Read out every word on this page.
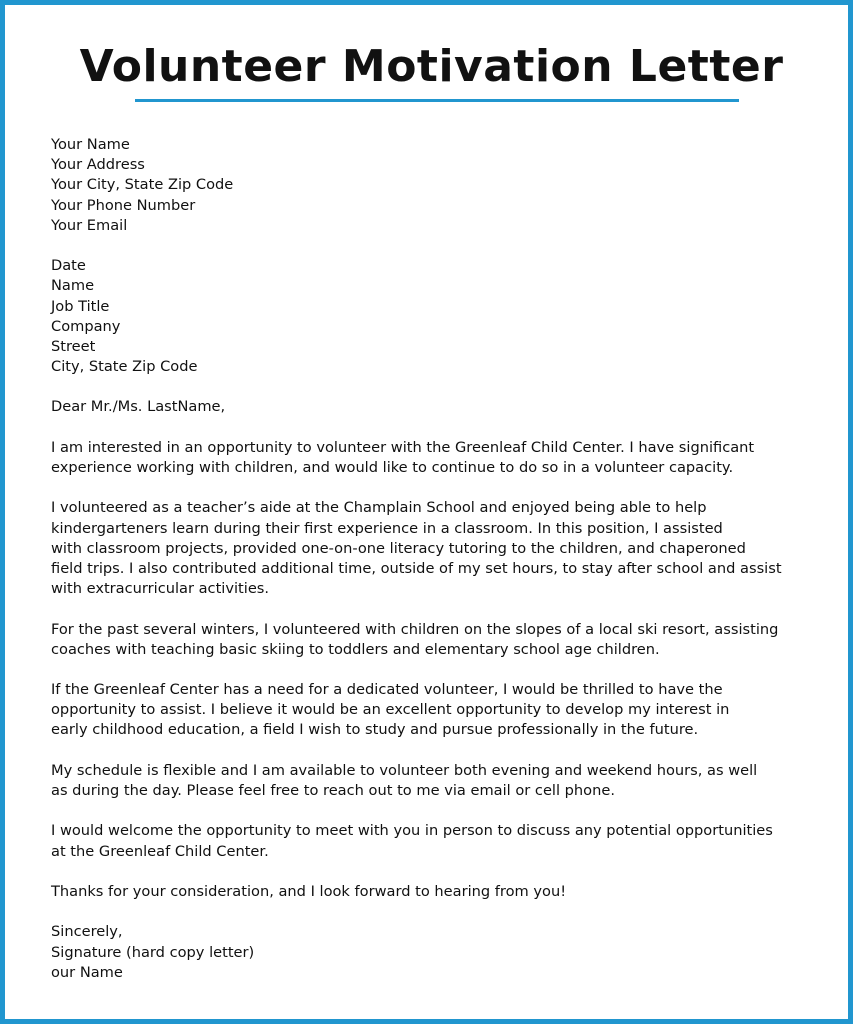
Volunteer Motivation Letter
Your Name
Your Address
Your City, State Zip Code
Your Phone Number
Your Email
Date
Name
Job Title
Company
Street
City, State Zip Code
Dear Mr./Ms. LastName,
I am interested in an opportunity to volunteer with the Greenleaf Child Center. I have significant
experience working with children, and would like to continue to do so in a volunteer capacity.
I volunteered as a teacher’s aide at the Champlain School and enjoyed being able to help
kindergarteners learn during their first experience in a classroom. In this position, I assisted
with classroom projects, provided one-on-one literacy tutoring to the children, and chaperoned
field trips. I also contributed additional time, outside of my set hours, to stay after school and assist
with extracurricular activities.
For the past several winters, I volunteered with children on the slopes of a local ski resort, assisting
coaches with teaching basic skiing to toddlers and elementary school age children.
If the Greenleaf Center has a need for a dedicated volunteer, I would be thrilled to have the
opportunity to assist. I believe it would be an excellent opportunity to develop my interest in
early childhood education, a field I wish to study and pursue professionally in the future.
My schedule is flexible and I am available to volunteer both evening and weekend hours, as well
as during the day. Please feel free to reach out to me via email or cell phone.
I would welcome the opportunity to meet with you in person to discuss any potential opportunities
at the Greenleaf Child Center.
Thanks for your consideration, and I look forward to hearing from you!
Sincerely,
Signature (hard copy letter)
our Name
